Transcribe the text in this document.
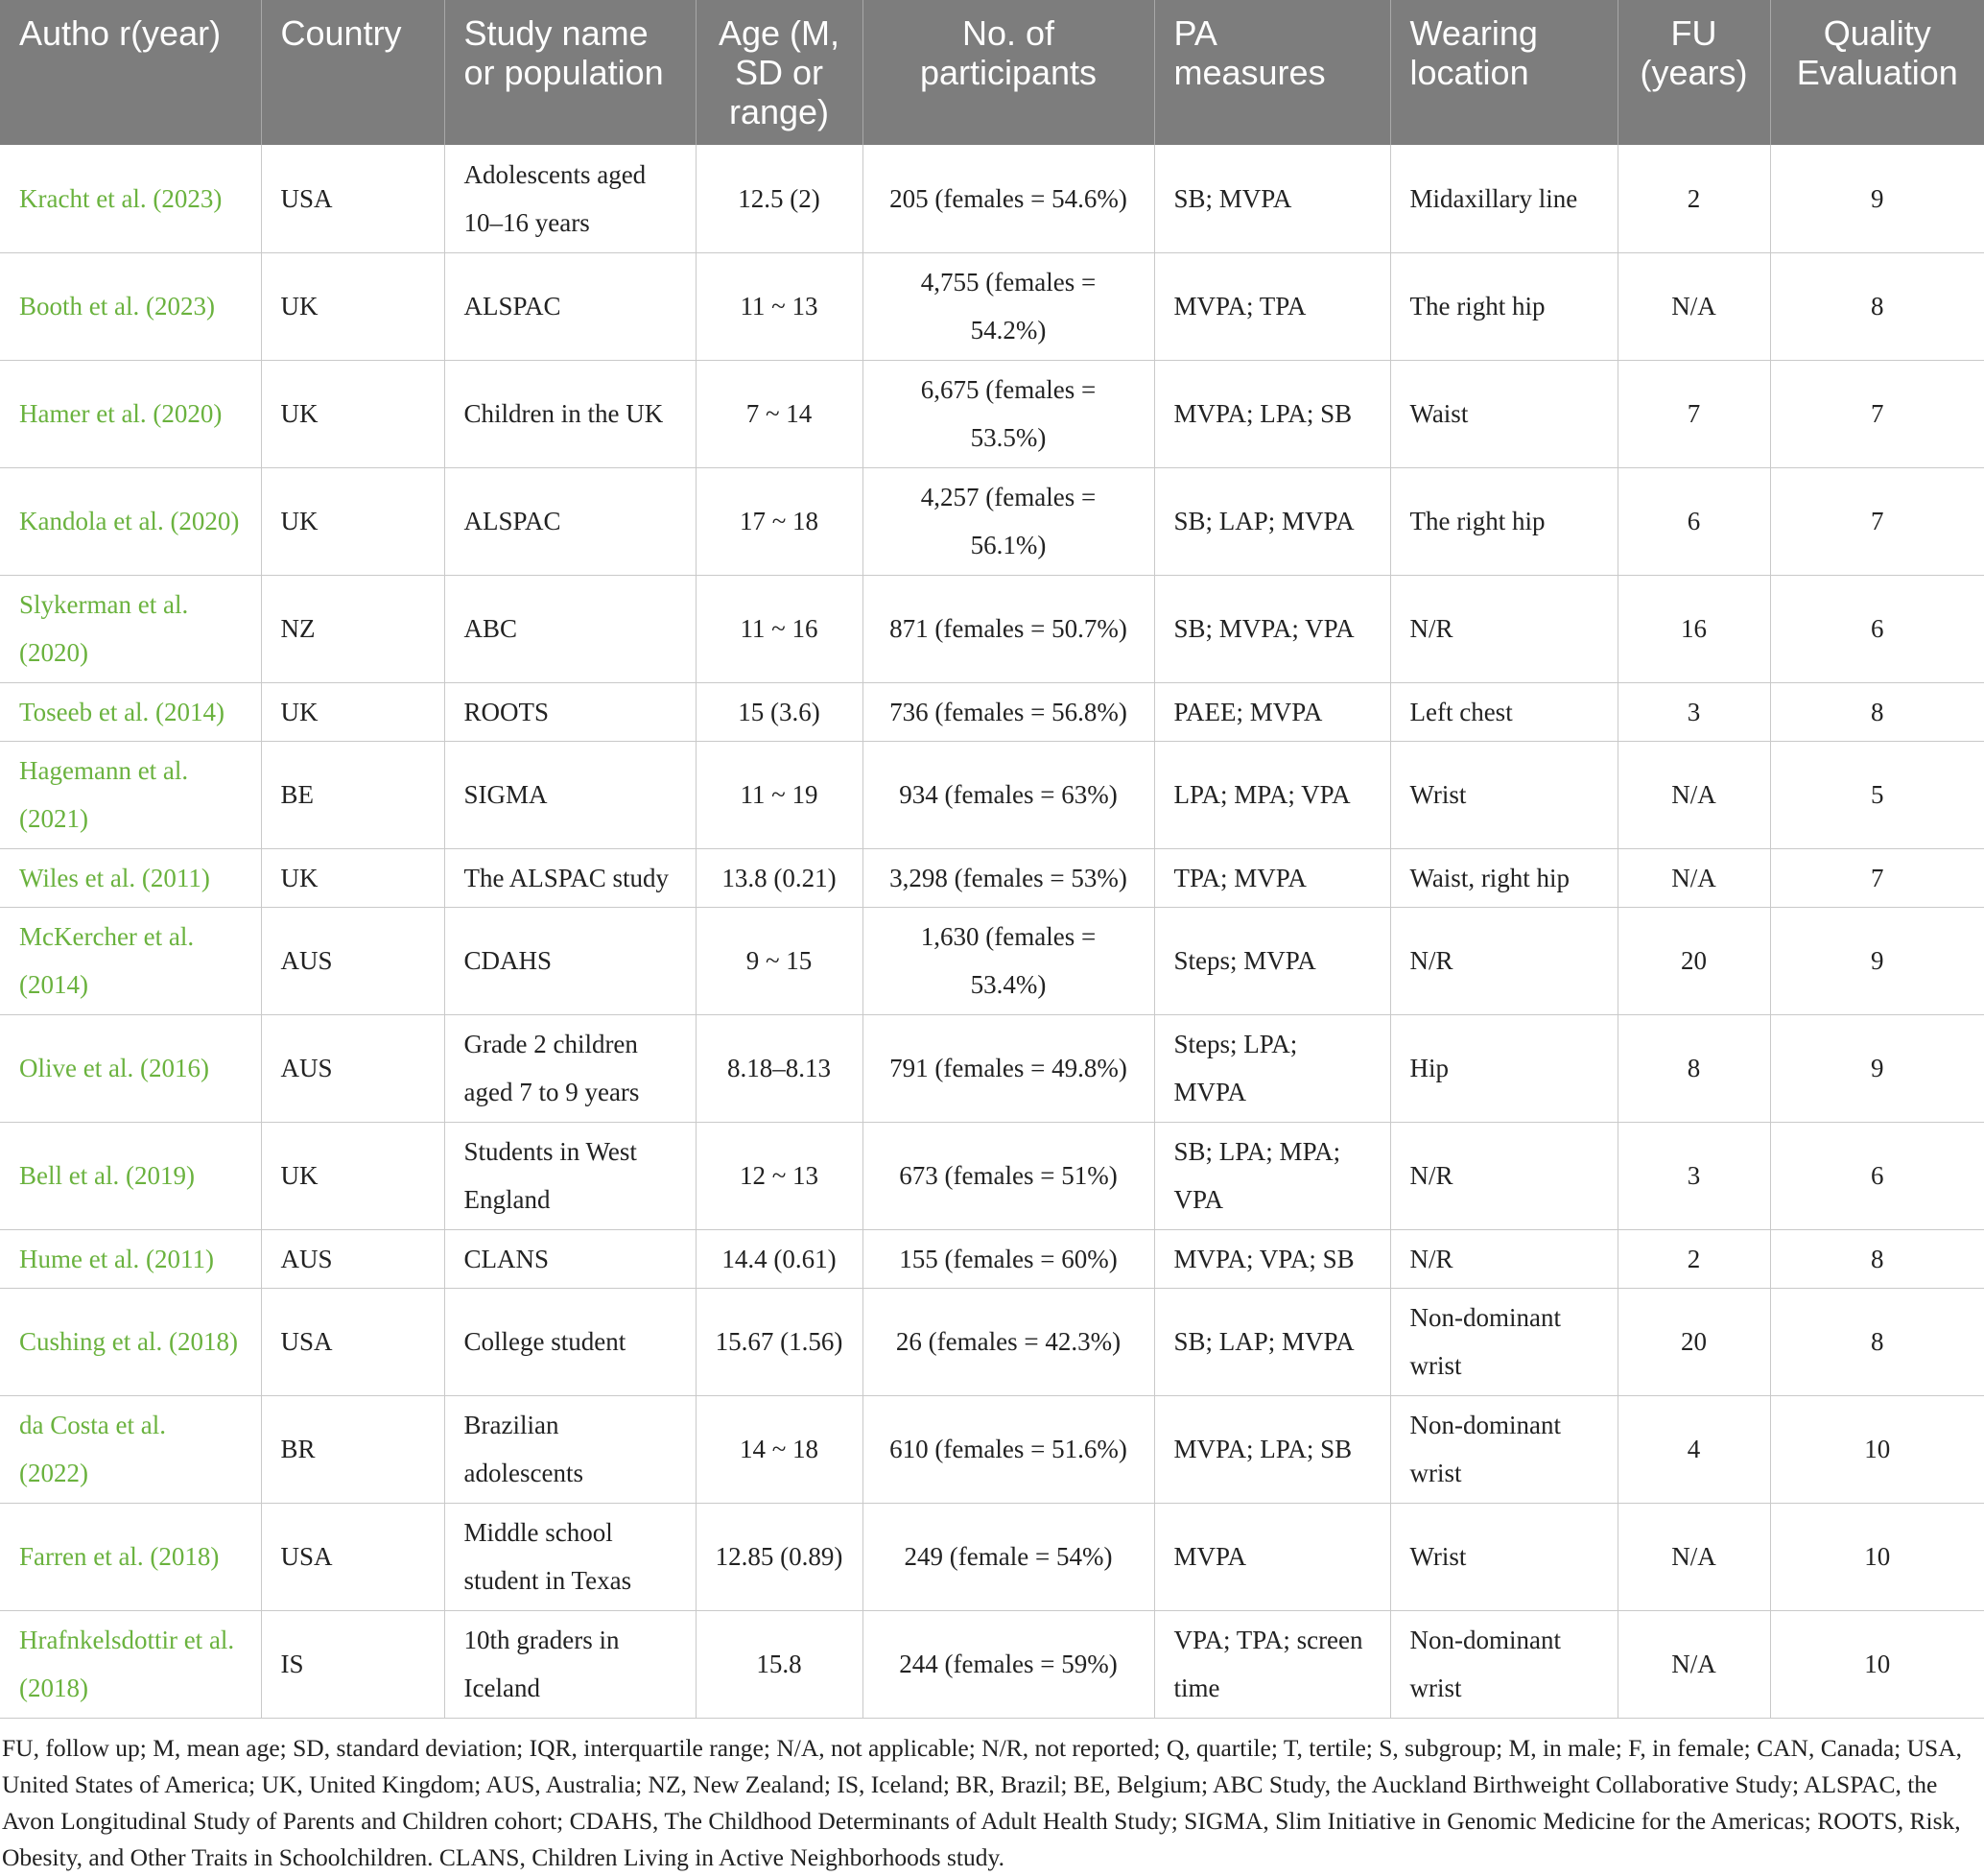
Autho r(year)	Country	Study name or population	Age (M, SD or range)	No. of participants	PA measures	Wearing location	FU (years)	Quality Evaluation
Kracht et al. (2023)	USA	Adolescents aged 10–16 years	12.5 (2)	205 (females = 54.6%)	SB; MVPA	Midaxillary line	2	9
Booth et al. (2023)	UK	ALSPAC	11 ~ 13	4,755 (females = 54.2%)	MVPA; TPA	The right hip	N/A	8
Hamer et al. (2020)	UK	Children in the UK	7 ~ 14	6,675 (females = 53.5%)	MVPA; LPA; SB	Waist	7	7
Kandola et al. (2020)	UK	ALSPAC	17 ~ 18	4,257 (females = 56.1%)	SB; LAP; MVPA	The right hip	6	7
Slykerman et al. (2020)	NZ	ABC	11 ~ 16	871 (females = 50.7%)	SB; MVPA; VPA	N/R	16	6
Toseeb et al. (2014)	UK	ROOTS	15 (3.6)	736 (females = 56.8%)	PAEE; MVPA	Left chest	3	8
Hagemann et al. (2021)	BE	SIGMA	11 ~ 19	934 (females = 63%)	LPA; MPA; VPA	Wrist	N/A	5
Wiles et al. (2011)	UK	The ALSPAC study	13.8 (0.21)	3,298 (females = 53%)	TPA; MVPA	Waist, right hip	N/A	7
McKercher et al. (2014)	AUS	CDAHS	9 ~ 15	1,630 (females = 53.4%)	Steps; MVPA	N/R	20	9
Olive et al. (2016)	AUS	Grade 2 children aged 7 to 9 years	8.18–8.13	791 (females = 49.8%)	Steps; LPA; MVPA	Hip	8	9
Bell et al. (2019)	UK	Students in West England	12 ~ 13	673 (females = 51%)	SB; LPA; MPA; VPA	N/R	3	6
Hume et al. (2011)	AUS	CLANS	14.4 (0.61)	155 (females = 60%)	MVPA; VPA; SB	N/R	2	8
Cushing et al. (2018)	USA	College student	15.67 (1.56)	26 (females = 42.3%)	SB; LAP; MVPA	Non-dominant wrist	20	8
da Costa et al. (2022)	BR	Brazilian adolescents	14 ~ 18	610 (females = 51.6%)	MVPA; LPA; SB	Non-dominant wrist	4	10
Farren et al. (2018)	USA	Middle school student in Texas	12.85 (0.89)	249 (female = 54%)	MVPA	Wrist	N/A	10
Hrafnkelsdottir et al. (2018)	IS	10th graders in Iceland	15.8	244 (females = 59%)	VPA; TPA; screen time	Non-dominant wrist	N/A	10

FU, follow up; M, mean age; SD, standard deviation; IQR, interquartile range; N/A, not applicable; N/R, not reported; Q, quartile; T, tertile; S, subgroup; M, in male; F, in female; CAN, Canada; USA, United States of America; UK, United Kingdom; AUS, Australia; NZ, New Zealand; IS, Iceland; BR, Brazil; BE, Belgium; ABC Study, the Auckland Birthweight Collaborative Study; ALSPAC, the Avon Longitudinal Study of Parents and Children cohort; CDAHS, The Childhood Determinants of Adult Health Study; SIGMA, Slim Initiative in Genomic Medicine for the Americas; ROOTS, Risk, Obesity, and Other Traits in Schoolchildren. CLANS, Children Living in Active Neighborhoods study.
